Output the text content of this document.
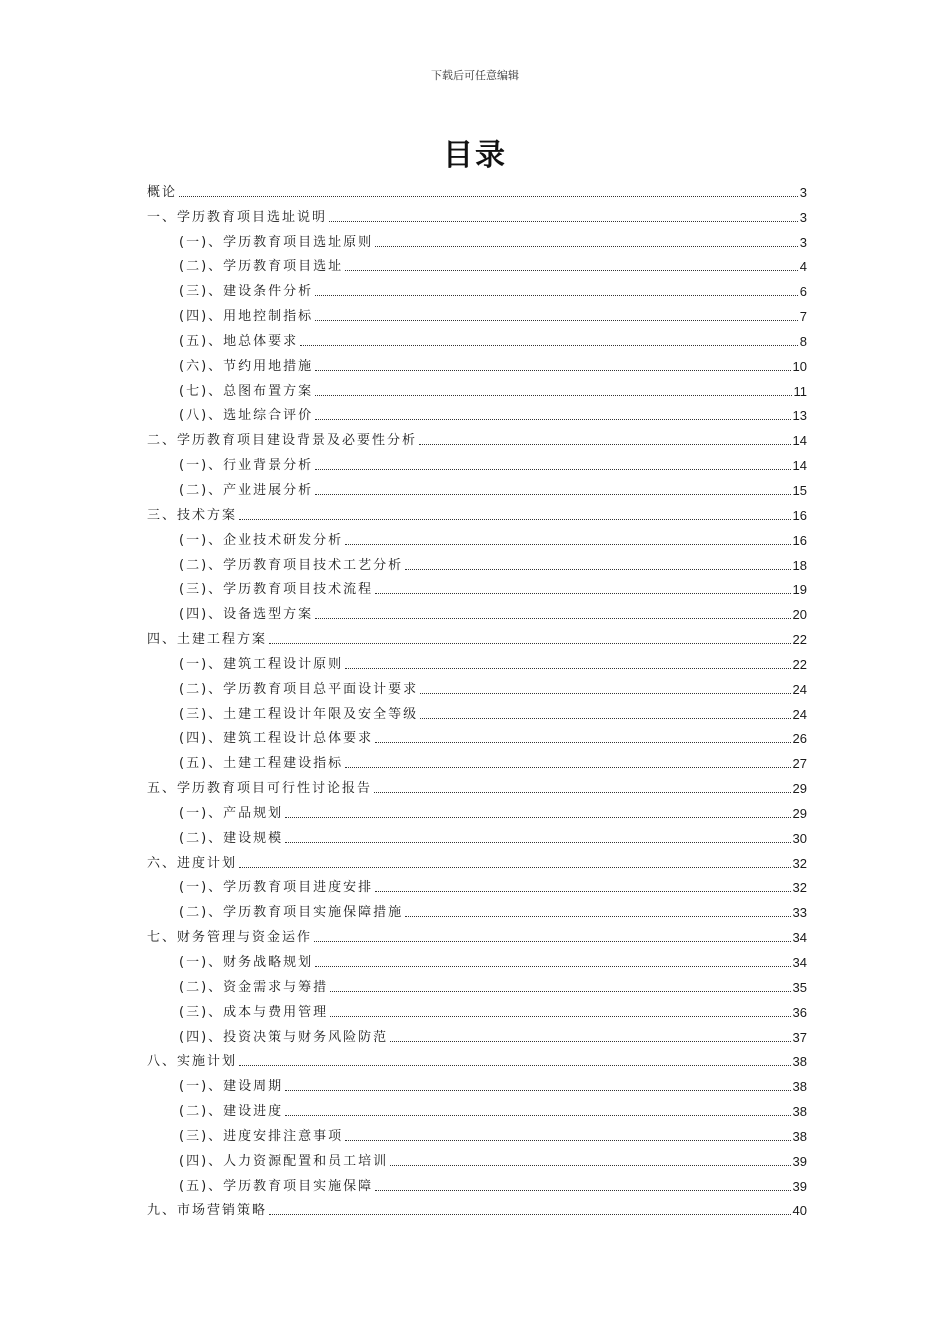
下载后可任意编辑
目录
概论	3
一、学历教育项目选址说明	3
(一)、学历教育项目选址原则	3
(二)、学历教育项目选址	4
(三)、建设条件分析	6
(四)、用地控制指标	7
(五)、地总体要求	8
(六)、节约用地措施	10
(七)、总图布置方案	11
(八)、选址综合评价	13
二、学历教育项目建设背景及必要性分析	14
(一)、行业背景分析	14
(二)、产业进展分析	15
三、技术方案	16
(一)、企业技术研发分析	16
(二)、学历教育项目技术工艺分析	18
(三)、学历教育项目技术流程	19
(四)、设备选型方案	20
四、土建工程方案	22
(一)、建筑工程设计原则	22
(二)、学历教育项目总平面设计要求	24
(三)、土建工程设计年限及安全等级	24
(四)、建筑工程设计总体要求	26
(五)、土建工程建设指标	27
五、学历教育项目可行性讨论报告	29
(一)、产品规划	29
(二)、建设规模	30
六、进度计划	32
(一)、学历教育项目进度安排	32
(二)、学历教育项目实施保障措施	33
七、财务管理与资金运作	34
(一)、财务战略规划	34
(二)、资金需求与筹措	35
(三)、成本与费用管理	36
(四)、投资决策与财务风险防范	37
八、实施计划	38
(一)、建设周期	38
(二)、建设进度	38
(三)、进度安排注意事项	38
(四)、人力资源配置和员工培训	39
(五)、学历教育项目实施保障	39
九、市场营销策略	40
